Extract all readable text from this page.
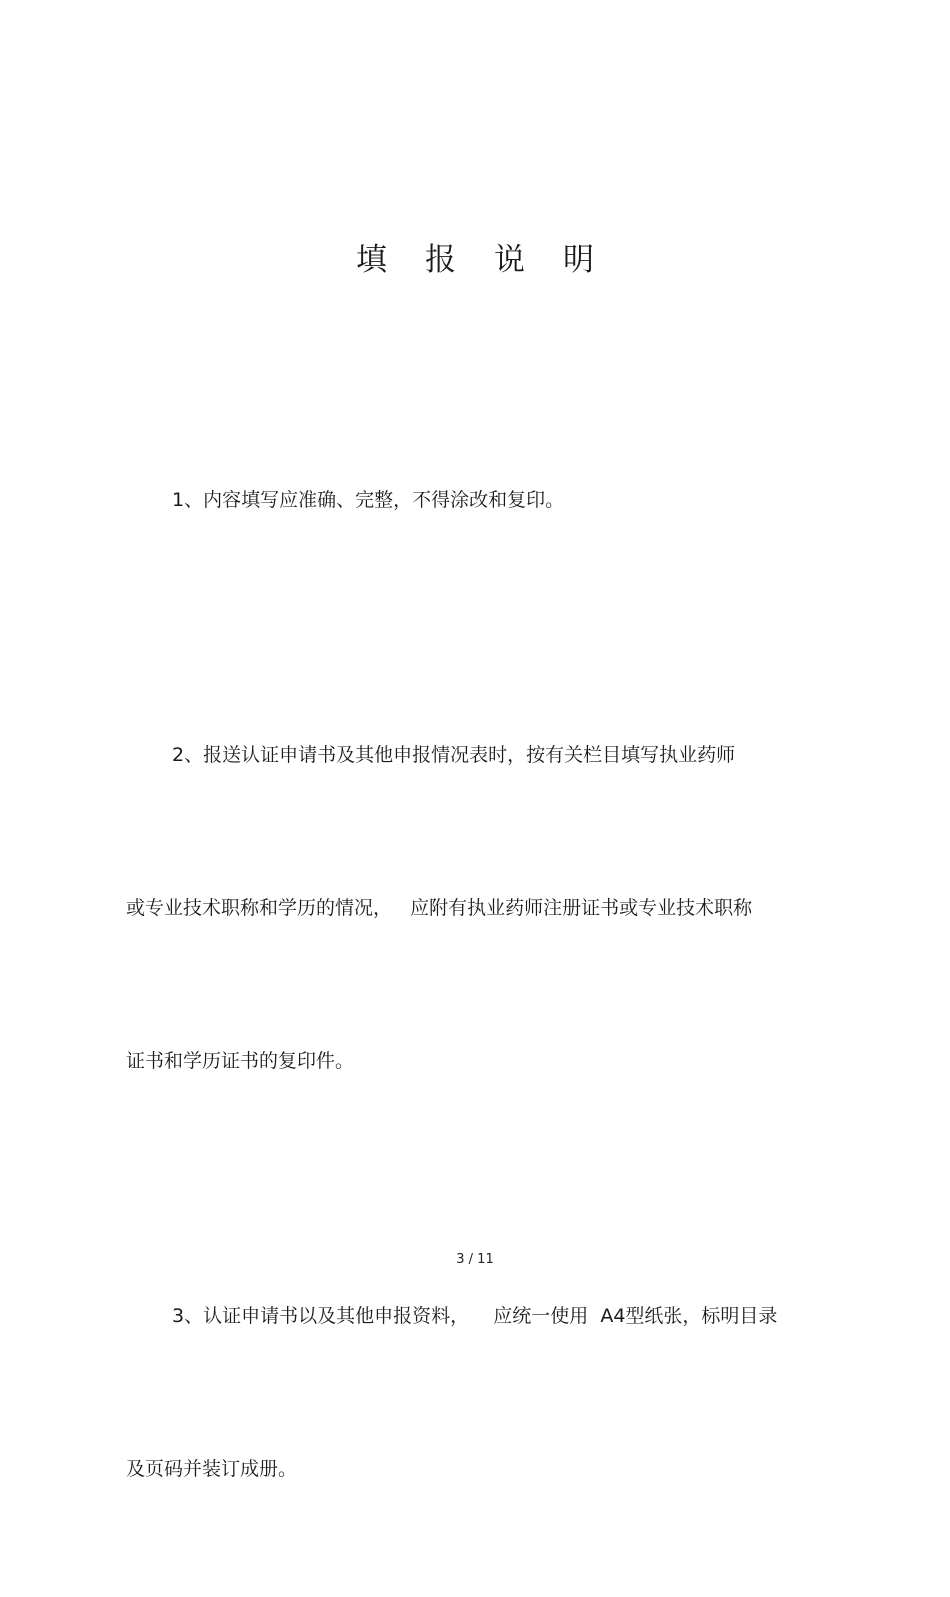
填报说明

1、内容填写应准确、完整，不得涂改和复印。

2、报送认证申请书及其他申报情况表时，按有关栏目填写执业药师

或专业技术职称和学历的情况，   应附有执业药师注册证书或专业技术职称

证书和学历证书的复印件。

3、认证申请书以及其他申报资料，    应统一使用  A4型纸张，标明目录

及页码并装订成册。

3 / 11
